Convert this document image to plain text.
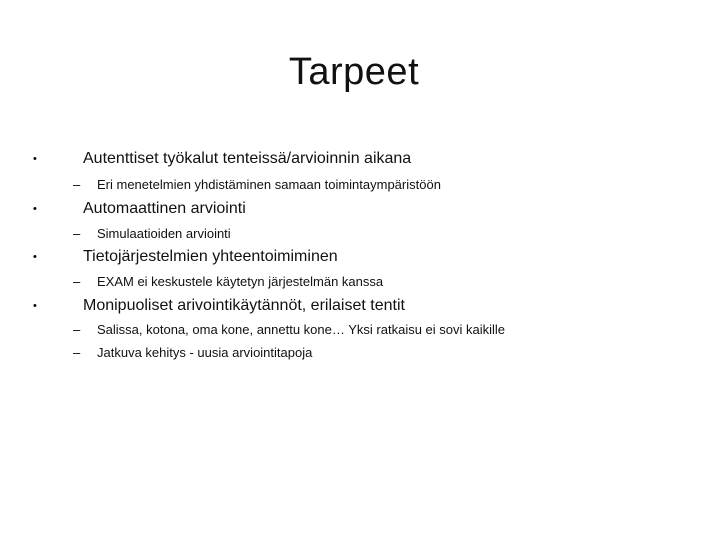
Tarpeet
•	Autenttiset työkalut tenteissä/arvioinnin aikana
– Eri menetelmien yhdistäminen samaan toimintaympäristöön
•	Automaattinen arviointi
– Simulaatioiden arviointi
•	Tietojärjestelmien yhteentoimiminen
– EXAM ei keskustele käytetyn järjestelmän kanssa
•	Monipuoliset arivointikäytännöt, erilaiset tentit
– Salissa, kotona, oma kone, annettu kone… Yksi ratkaisu ei sovi kaikille
– Jatkuva kehitys - uusia arviointitapoja
